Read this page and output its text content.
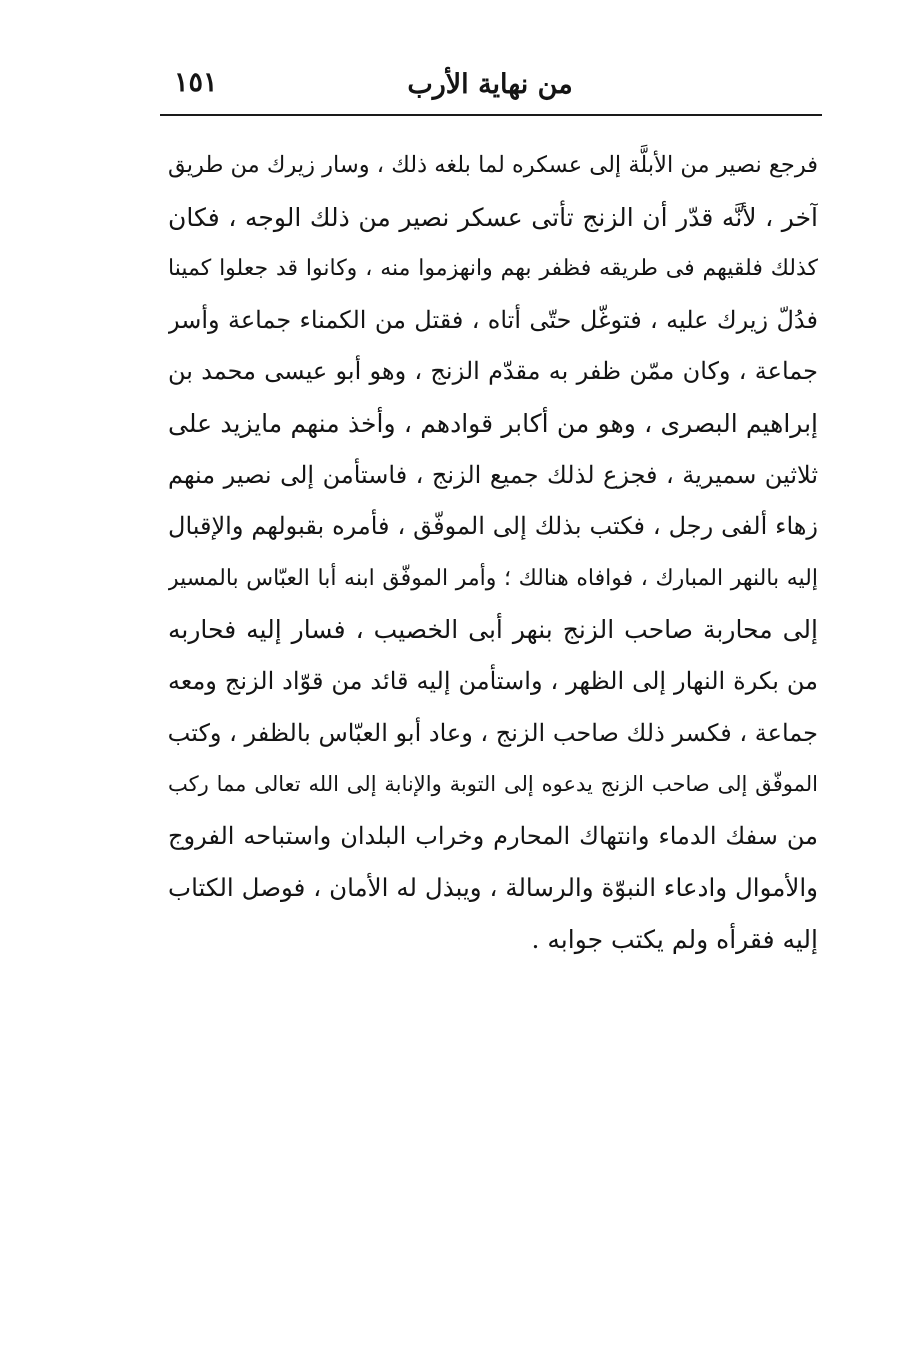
من نهاية الأرب
١٥١
فرجع نصير من الأبلَّة إلى عسكره لما بلغه ذلك ، وسار زيرك من طريق
آخر ، لأنَّه قدّر أن الزنج تأتى عسكر نصير من ذلك الوجه ، فكان
كذلك فلقيهم فى طريقه فظفر بهم وانهزموا منه ، وكانوا قد جعلوا كمينا
فدُلّ زيرك عليه ، فتوغّل حتّى أتاه ، فقتل من الكمناء جماعة وأسر
جماعة ، وكان ممّن ظفر به مقدّم الزنج ، وهو أبو عيسى محمد بن
إبراهيم البصرى ، وهو من أكابر قوادهم ، وأخذ منهم مايزيد على
ثلاثين سميرية ، فجزع لذلك جميع الزنج ، فاستأمن إلى نصير منهم
زهاء ألفى رجل ، فكتب بذلك إلى الموفّق ، فأمره بقبولهم والإقبال
إليه بالنهر المبارك ، فوافاه هنالك ؛ وأمر الموفّق ابنه أبا العبّاس بالمسير
إلى محاربة صاحب الزنج بنهر أبى الخصيب ، فسار إليه فحاربه
من بكرة النهار إلى الظهر ، واستأمن إليه قائد من قوّاد الزنج ومعه
جماعة ، فكسر ذلك صاحب الزنج ، وعاد أبو العبّاس بالظفر ، وكتب
الموفّق إلى صاحب الزنج يدعوه إلى التوبة والإنابة إلى الله تعالى مما ركب
من سفك الدماء وانتهاك المحارم وخراب البلدان واستباحه الفروج
والأموال وادعاء النبوّة والرسالة ، ويبذل له الأمان ، فوصل الكتاب
إليه فقرأه ولم يكتب جوابه .
